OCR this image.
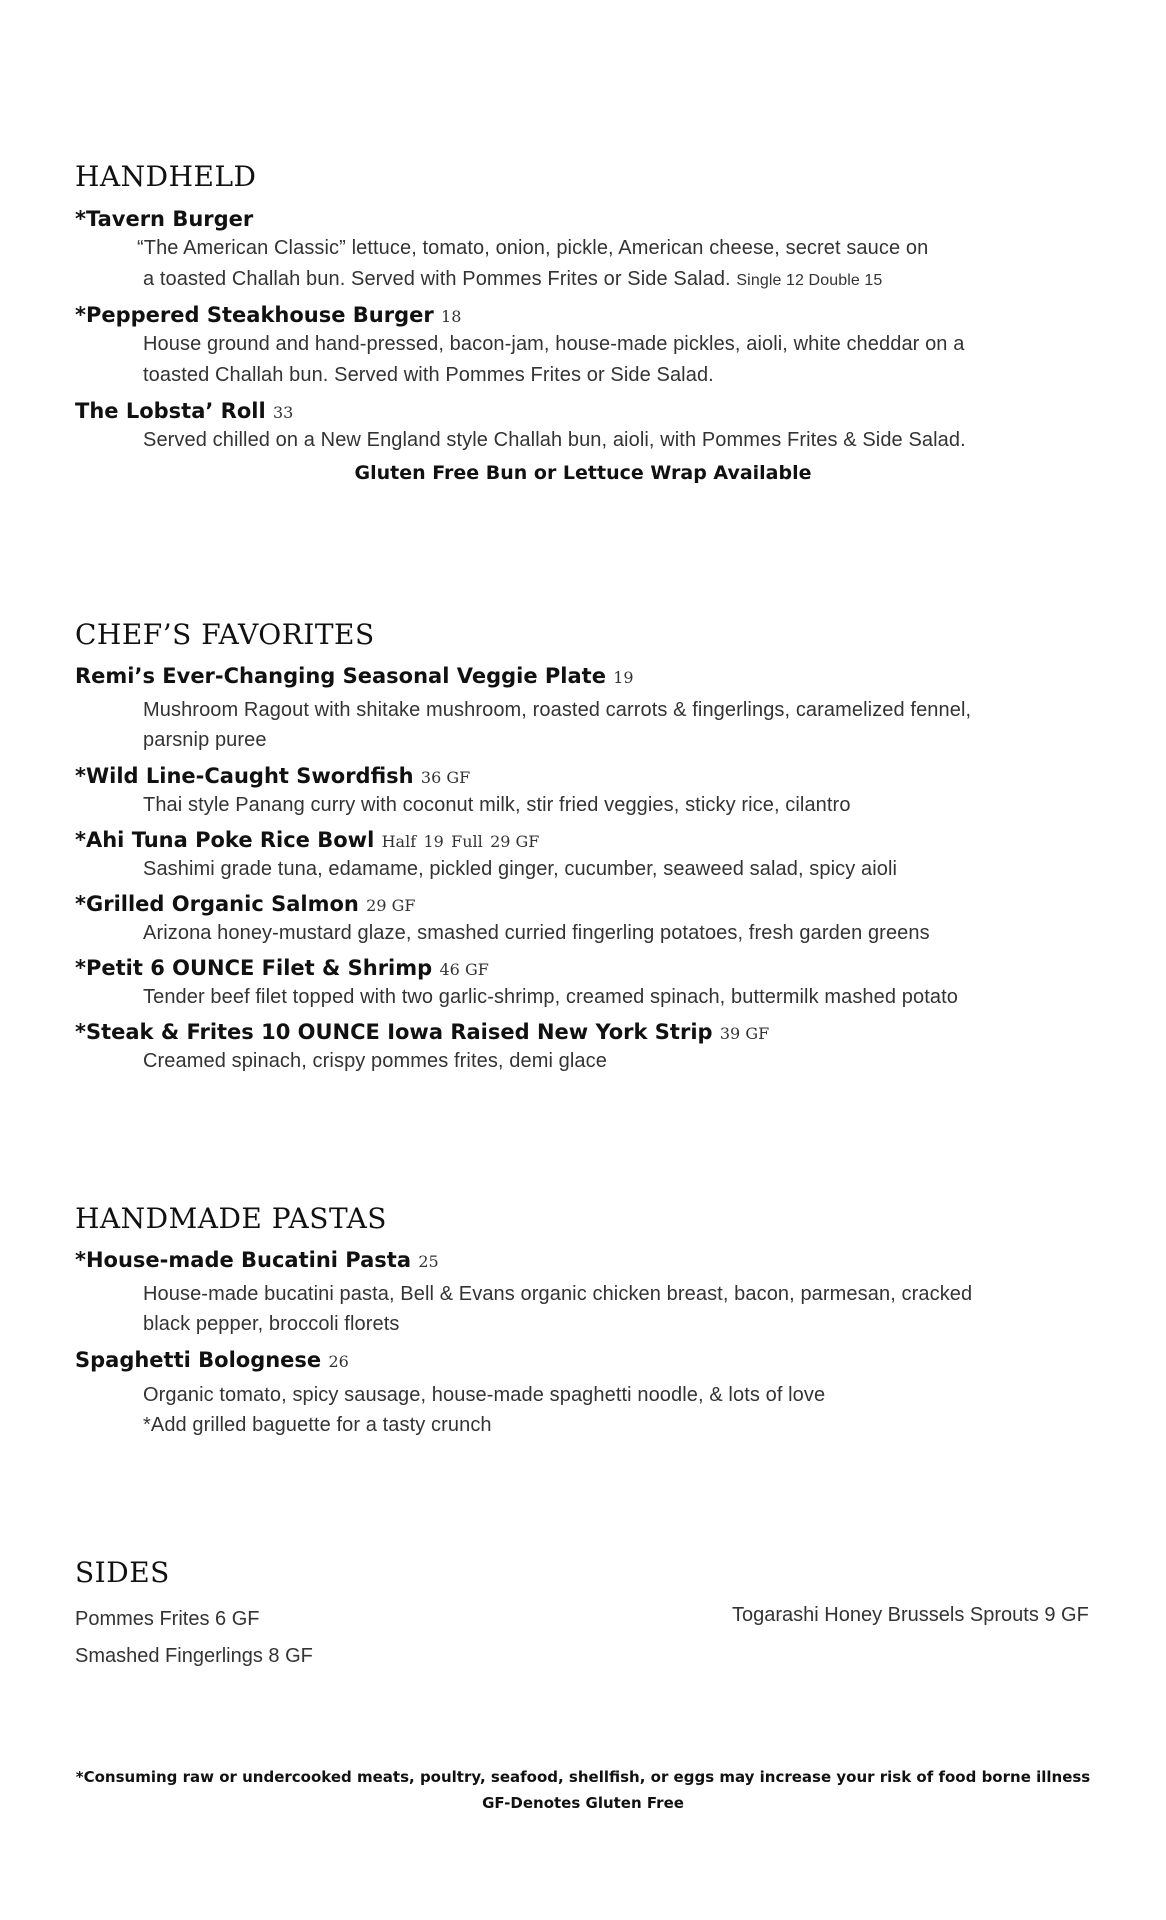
HANDHELD

*Tavern Burger

“The American Classic” lettuce, tomato, onion, pickle, American cheese, secret sauce on

a toasted Challah bun. Served with Pommes Frites or Side Salad. Single 12 Double 15

*Peppered Steakhouse Burger 18

House ground and hand-pressed, bacon-jam, house-made pickles, aioli, white cheddar on a

toasted Challah bun. Served with Pommes Frites or Side Salad.

The Lobsta’ Roll 33

Served chilled on a New England style Challah bun, aioli, with Pommes Frites & Side Salad.

Gluten Free Bun or Lettuce Wrap Available

CHEF’S FAVORITES

Remi’s Ever-Changing Seasonal Veggie Plate 19

Mushroom Ragout with shitake mushroom, roasted carrots & fingerlings, caramelized fennel,

parsnip puree

*Wild Line-Caught Swordfish 36 GF

Thai style Panang curry with coconut milk, stir fried veggies, sticky rice, cilantro

*Ahi Tuna Poke Rice Bowl Half 19 Full 29 GF

Sashimi grade tuna, edamame, pickled ginger, cucumber, seaweed salad, spicy aioli

*Grilled Organic Salmon 29 GF

Arizona honey-mustard glaze, smashed curried fingerling potatoes, fresh garden greens

*Petit 6 OUNCE Filet & Shrimp 46 GF

Tender beef filet topped with two garlic-shrimp, creamed spinach, buttermilk mashed potato

*Steak & Frites 10 OUNCE Iowa Raised New York Strip 39 GF

Creamed spinach, crispy pommes frites, demi glace

HANDMADE PASTAS

*House-made Bucatini Pasta 25

House-made bucatini pasta, Bell & Evans organic chicken breast, bacon, parmesan, cracked

black pepper, broccoli florets

Spaghetti Bolognese 26

Organic tomato, spicy sausage, house-made spaghetti noodle, & lots of love

*Add grilled baguette for a tasty crunch

SIDES

Pommes Frites 6 GF

Smashed Fingerlings 8 GF

Togarashi Honey Brussels Sprouts 9 GF

*Consuming raw or undercooked meats, poultry, seafood, shellfish, or eggs may increase your risk of food borne illness

GF-Denotes Gluten Free
